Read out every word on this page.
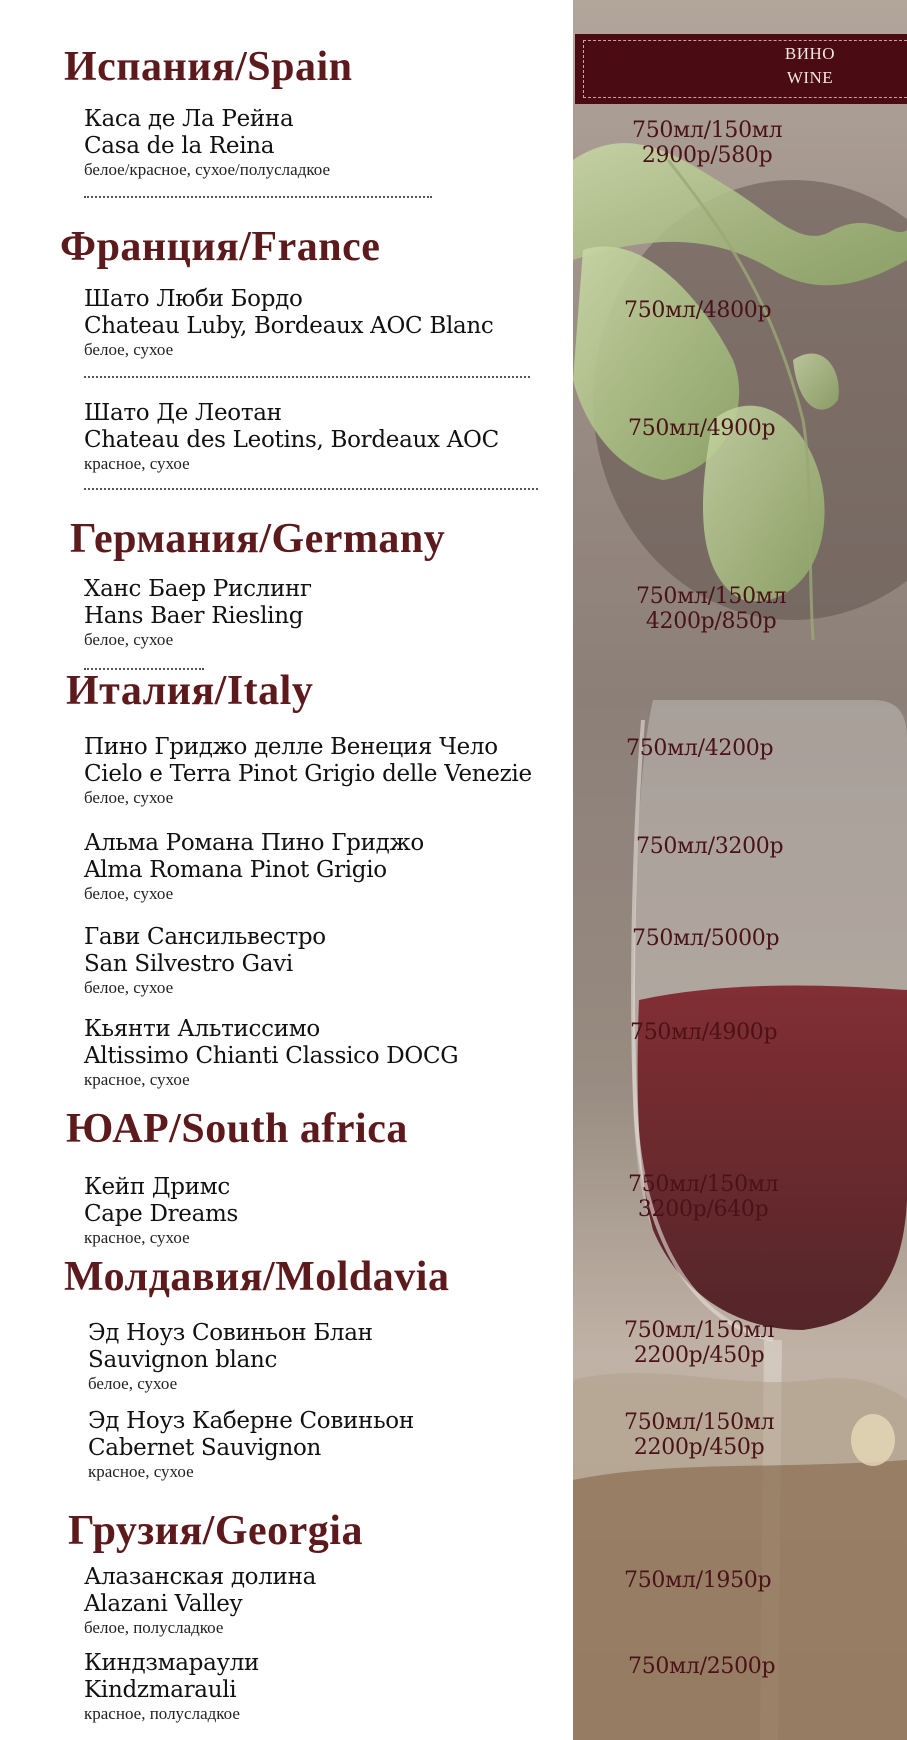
ВИНО
WINE
Испания/Spain
Каса де Ла Рейна
Casa de la Reina
белое/красное, сухое/полусладкое
750мл/150мл
2900р/580р
Франция/France
Шато Люби Бордо
Chateau Luby, Bordeaux AOC Blanc
белое, сухое
750мл/4800р
Шато Де Леотан
Chateau des Leotins, Bordeaux AOC
красное, сухое
750мл/4900р
Германия/Germany
Ханс Баер Рислинг
Hans Baer Riesling
белое, сухое
750мл/150мл
4200р/850р
Италия/Italy
Пино Гриджо делле Венеция Чело
Cielo e Terra Pinot Grigio delle Venezie
белое, сухое
750мл/4200р
Альма Романа Пино Гриджо
Alma Romana Pinot Grigio
белое, сухое
750мл/3200р
Гави Сансильвестро
San Silvestro Gavi
белое, сухое
750мл/5000р
Кьянти Альтиссимо
Altissimo Chianti Classico DOCG
красное, сухое
750мл/4900р
ЮАР/South africa
Кейп Дримс
Cape Dreams
красное, сухое
750мл/150мл
3200р/640р
Молдавия/Moldavia
Эд Ноуз Совиньон Блан
Sauvignon blanc
белое, сухое
750мл/150мл
2200р/450р
Эд Ноуз Каберне Совиньон
Cabernet Sauvignon
красное, сухое
750мл/150мл
2200р/450р
Грузия/Georgia
Алазанская долина
Alazani Valley
белое, полусладкое
750мл/1950р
Киндзмараули
Kindzmarauli
красное, полусладкое
750мл/2500р
